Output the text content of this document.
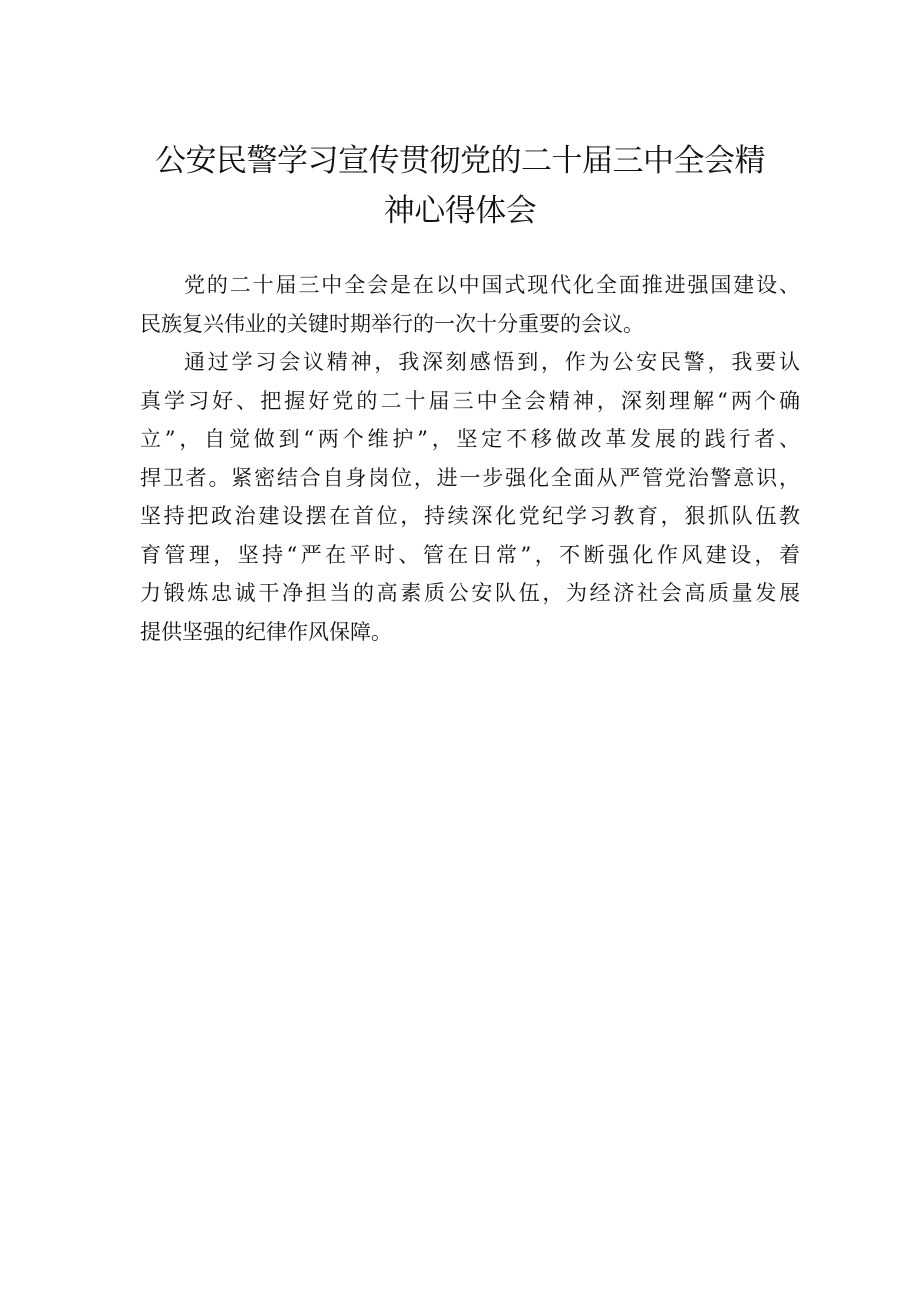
公安民警学习宣传贯彻党的二十届三中全会精
神心得体会
党的二十届三中全会是在以中国式现代化全面推进强国建设、
民族复兴伟业的关键时期举行的一次十分重要的会议。
通过学习会议精神，我深刻感悟到，作为公安民警，我要认
真学习好、把握好党的二十届三中全会精神，深刻理解“两个确
立”，自觉做到“两个维护”，坚定不移做改革发展的践行者、
捍卫者。紧密结合自身岗位，进一步强化全面从严管党治警意识，
坚持把政治建设摆在首位，持续深化党纪学习教育，狠抓队伍教
育管理，坚持“严在平时、管在日常”，不断强化作风建设，着
力锻炼忠诚干净担当的高素质公安队伍，为经济社会高质量发展
提供坚强的纪律作风保障。
